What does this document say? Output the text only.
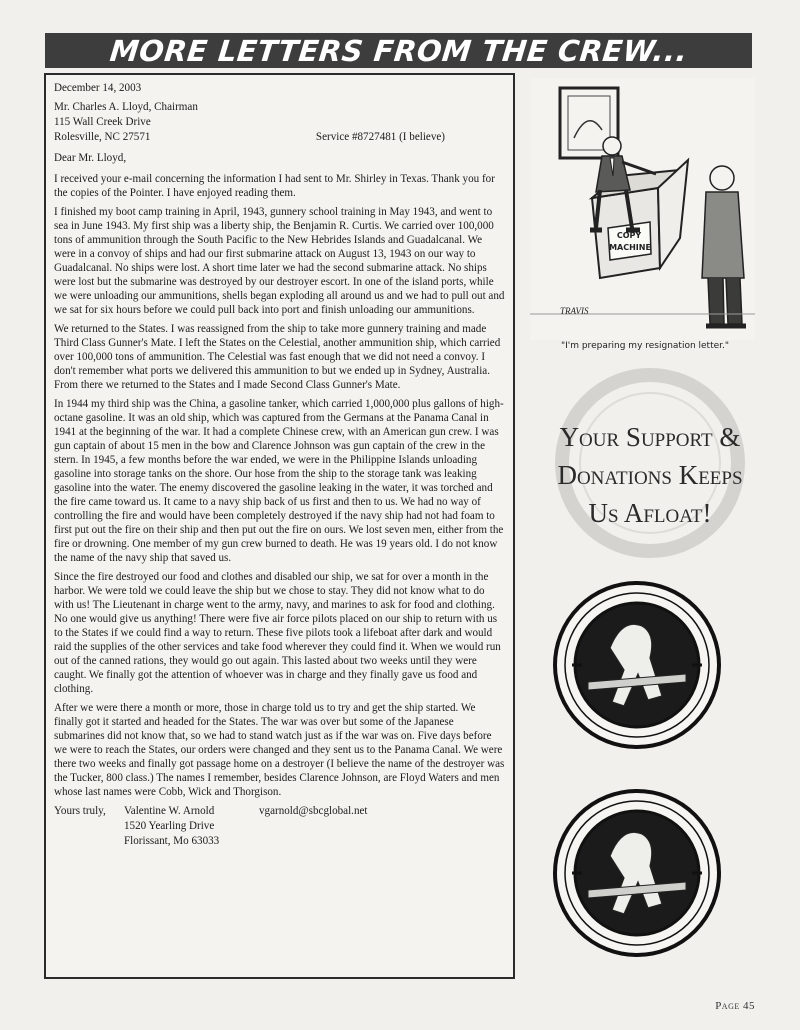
MORE LETTERS FROM THE CREW...
December 14, 2003
Mr. Charles A. Lloyd, Chairman
115 Wall Creek Drive
Rolesville, NC 27571	Service #8727481 (I believe)

Dear Mr. Lloyd,

I received your e-mail concerning the information I had sent to Mr. Shirley in Texas. Thank you for the copies of the Pointer. I have enjoyed reading them.

I finished my boot camp training in April, 1943, gunnery school training in May 1943, and went to sea in June 1943. My first ship was a liberty ship, the Benjamin R. Curtis. We carried over 100,000 tons of ammunition through the South Pacific to the New Hebrides Islands and Guadalcanal. We were in a convoy of ships and had our first submarine attack on August 13, 1943 on our way to Guadalcanal. No ships were lost. A short time later we had the second submarine attack. No ships were lost but the submarine was destroyed by our destroyer escort. In one of the island ports, while we were unloading our ammunitions, shells began exploding all around us and we had to pull out and we sat for six hours before we could pull back into port and finish unloading our ammunitions.

We returned to the States. I was reassigned from the ship to take more gunnery training and made Third Class Gunner's Mate. I left the States on the Celestial, another ammunition ship, which carried over 100,000 tons of ammunition. The Celestial was fast enough that we did not need a convoy. I don't remember what ports we delivered this ammunition to but we ended up in Sydney, Australia. From there we returned to the States and I made Second Class Gunner's Mate.

In 1944 my third ship was the China, a gasoline tanker, which carried 1,000,000 plus gallons of high-octane gasoline. It was an old ship, which was captured from the Germans at the Panama Canal in 1941 at the beginning of the war. It had a complete Chinese crew, with an American gun crew. I was gun captain of about 15 men in the bow and Clarence Johnson was gun captain of the crew in the stern. In 1945, a few months before the war ended, we were in the Philippine Islands unloading gasoline into storage tanks on the shore. Our hose from the ship to the storage tank was leaking gasoline into the water. The enemy discovered the gasoline leaking in the water, it was torched and the fire came toward us. It came to a navy ship back of us first and then to us. We had no way of controlling the fire and would have been completely destroyed if the navy ship had not had foam to first put out the fire on their ship and then put out the fire on ours. We lost seven men, either from the fire or drowning. One member of my gun crew burned to death. He was 19 years old. I do not know the name of the navy ship that saved us.

Since the fire destroyed our food and clothes and disabled our ship, we sat for over a month in the harbor. We were told we could leave the ship but we chose to stay. They did not know what to do with us! The Lieutenant in charge went to the army, navy, and marines to ask for food and clothing. No one would give us anything! There were five air force pilots placed on our ship to return with us to the States if we could find a way to return. These five pilots took a lifeboat after dark and would raid the supplies of the other services and take food wherever they could find it. When we would run out of the canned rations, they would go out again. This lasted about two weeks until they were caught. We finally got the attention of whoever was in charge and they finally gave us food and clothing.

After we were there a month or more, those in charge told us to try and get the ship started. We finally got it started and headed for the States. The war was over but some of the Japanese submarines did not know that, so we had to stand watch just as if the war was on. Five days before we were to reach the States, our orders were changed and they sent us to the Panama Canal. We were there two weeks and finally got passage home on a destroyer (I believe the name of the destroyer was the Tucker, 800 class.) The names I remember, besides Clarence Johnson, are Floyd Waters and men whose last names were Cobb, Wick and Thorgison.

Yours truly,	Valentine W. Arnold
1520 Yearling Drive
Florissant, Mo 63033
vgarnold@sbcglobal.net
COPY
MACHINE
TRAVIS
"I'm preparing my resignation letter."
Your Support &
Donations Keeps
Us Afloat!
Page 45
